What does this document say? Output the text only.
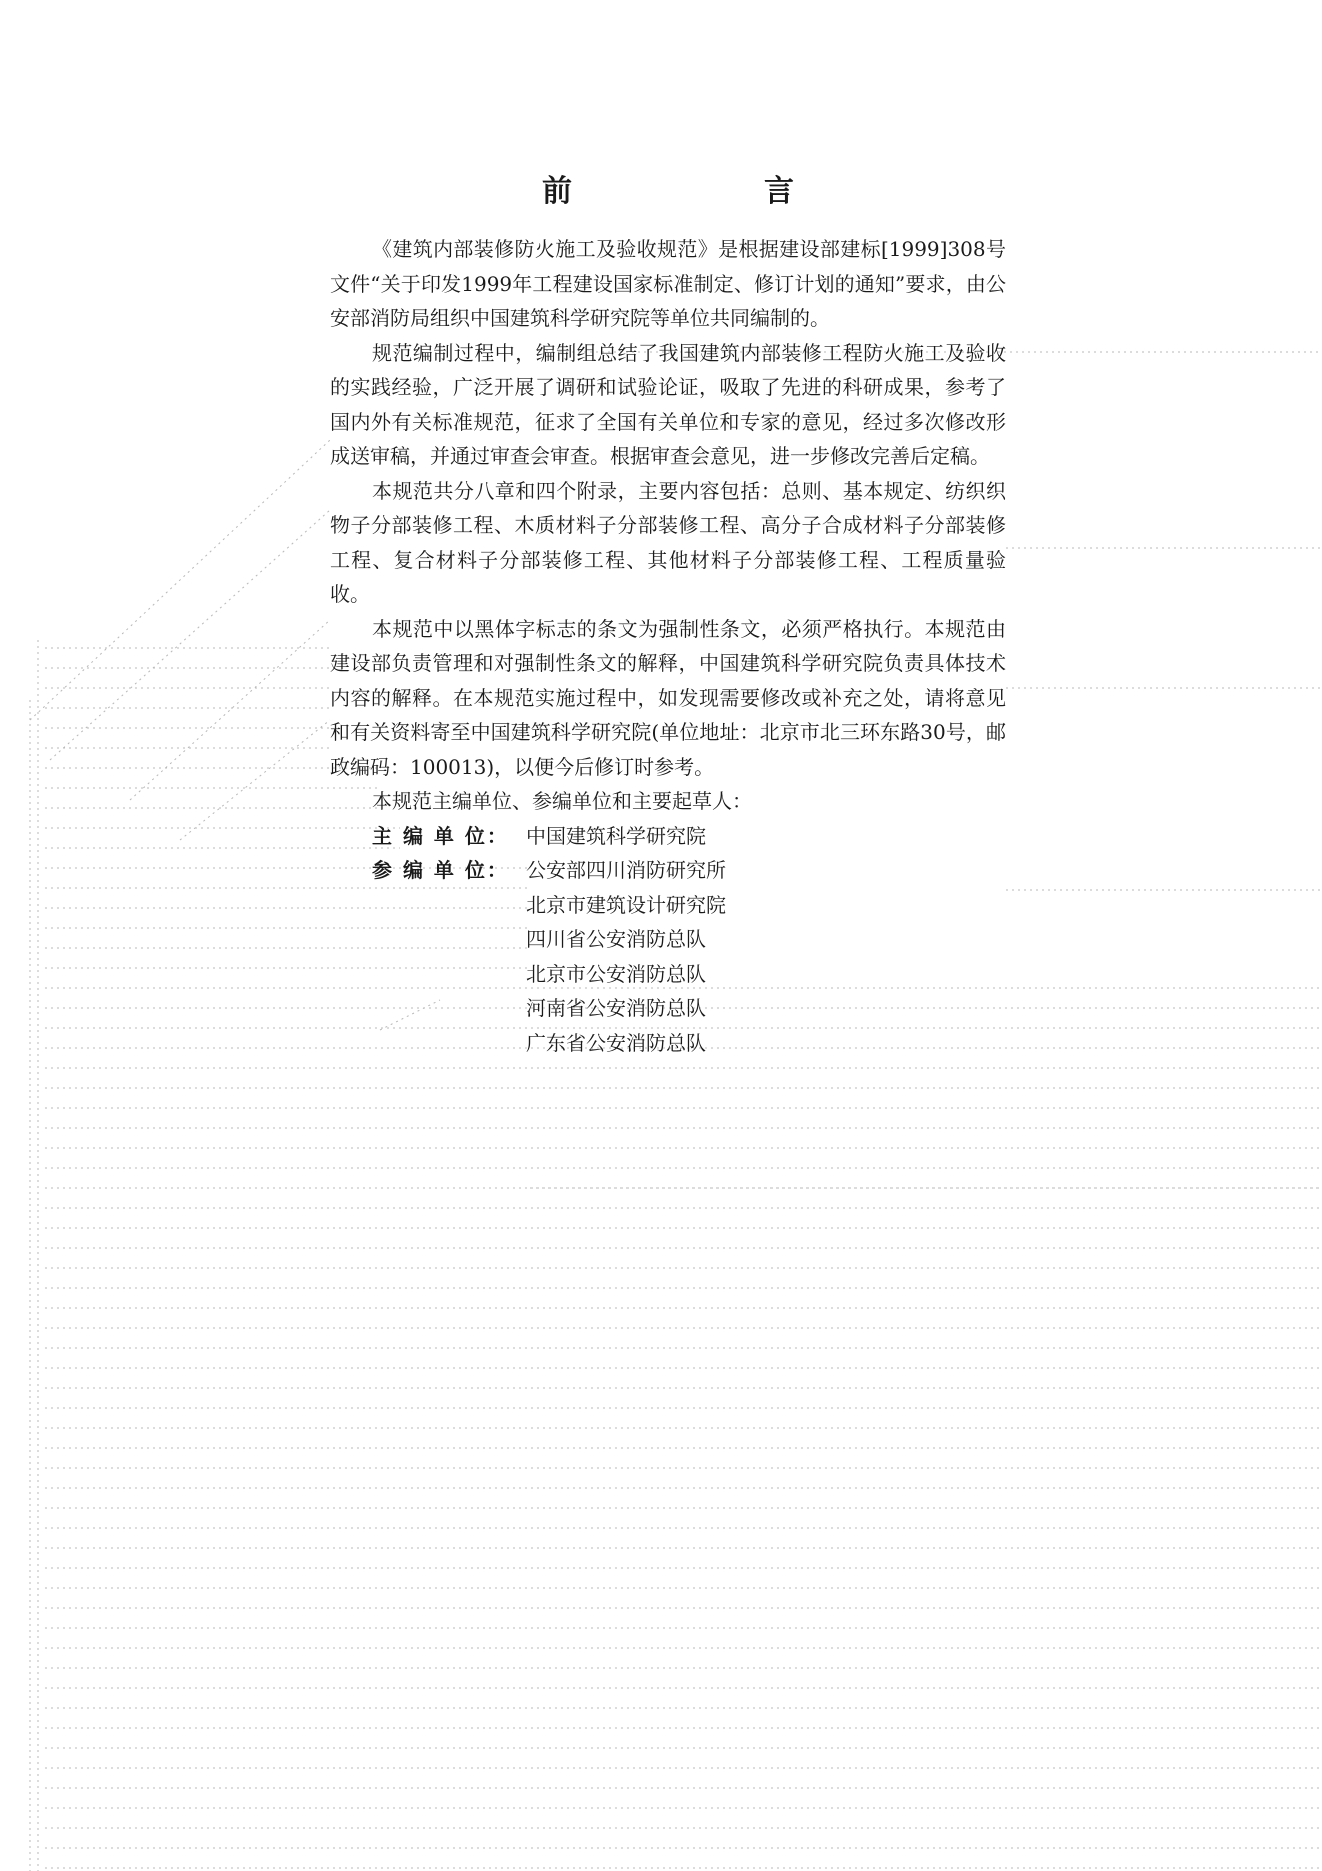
前　　言

《建筑内部装修防火施工及验收规范》是根据建设部建标[1999]308号文件“关于印发1999年工程建设国家标准制定、修订计划的通知”要求，由公安部消防局组织中国建筑科学研究院等单位共同编制的。

规范编制过程中，编制组总结了我国建筑内部装修工程防火施工及验收的实践经验，广泛开展了调研和试验论证，吸取了先进的科研成果，参考了国内外有关标准规范，征求了全国有关单位和专家的意见，经过多次修改形成送审稿，并通过审查会审查。根据审查会意见，进一步修改完善后定稿。

本规范共分八章和四个附录，主要内容包括：总则、基本规定、纺织织物子分部装修工程、木质材料子分部装修工程、高分子合成材料子分部装修工程、复合材料子分部装修工程、其他材料子分部装修工程、工程质量验收。

本规范中以黑体字标志的条文为强制性条文，必须严格执行。本规范由建设部负责管理和对强制性条文的解释，中国建筑科学研究院负责具体技术内容的解释。在本规范实施过程中，如发现需要修改或补充之处，请将意见和有关资料寄至中国建筑科学研究院(单位地址：北京市北三环东路30号，邮政编码：100013)，以便今后修订时参考。

本规范主编单位、参编单位和主要起草人：

主 编 单 位： 中国建筑科学研究院
参 编 单 位： 公安部四川消防研究所
北京市建筑设计研究院
四川省公安消防总队
北京市公安消防总队
河南省公安消防总队
广东省公安消防总队
